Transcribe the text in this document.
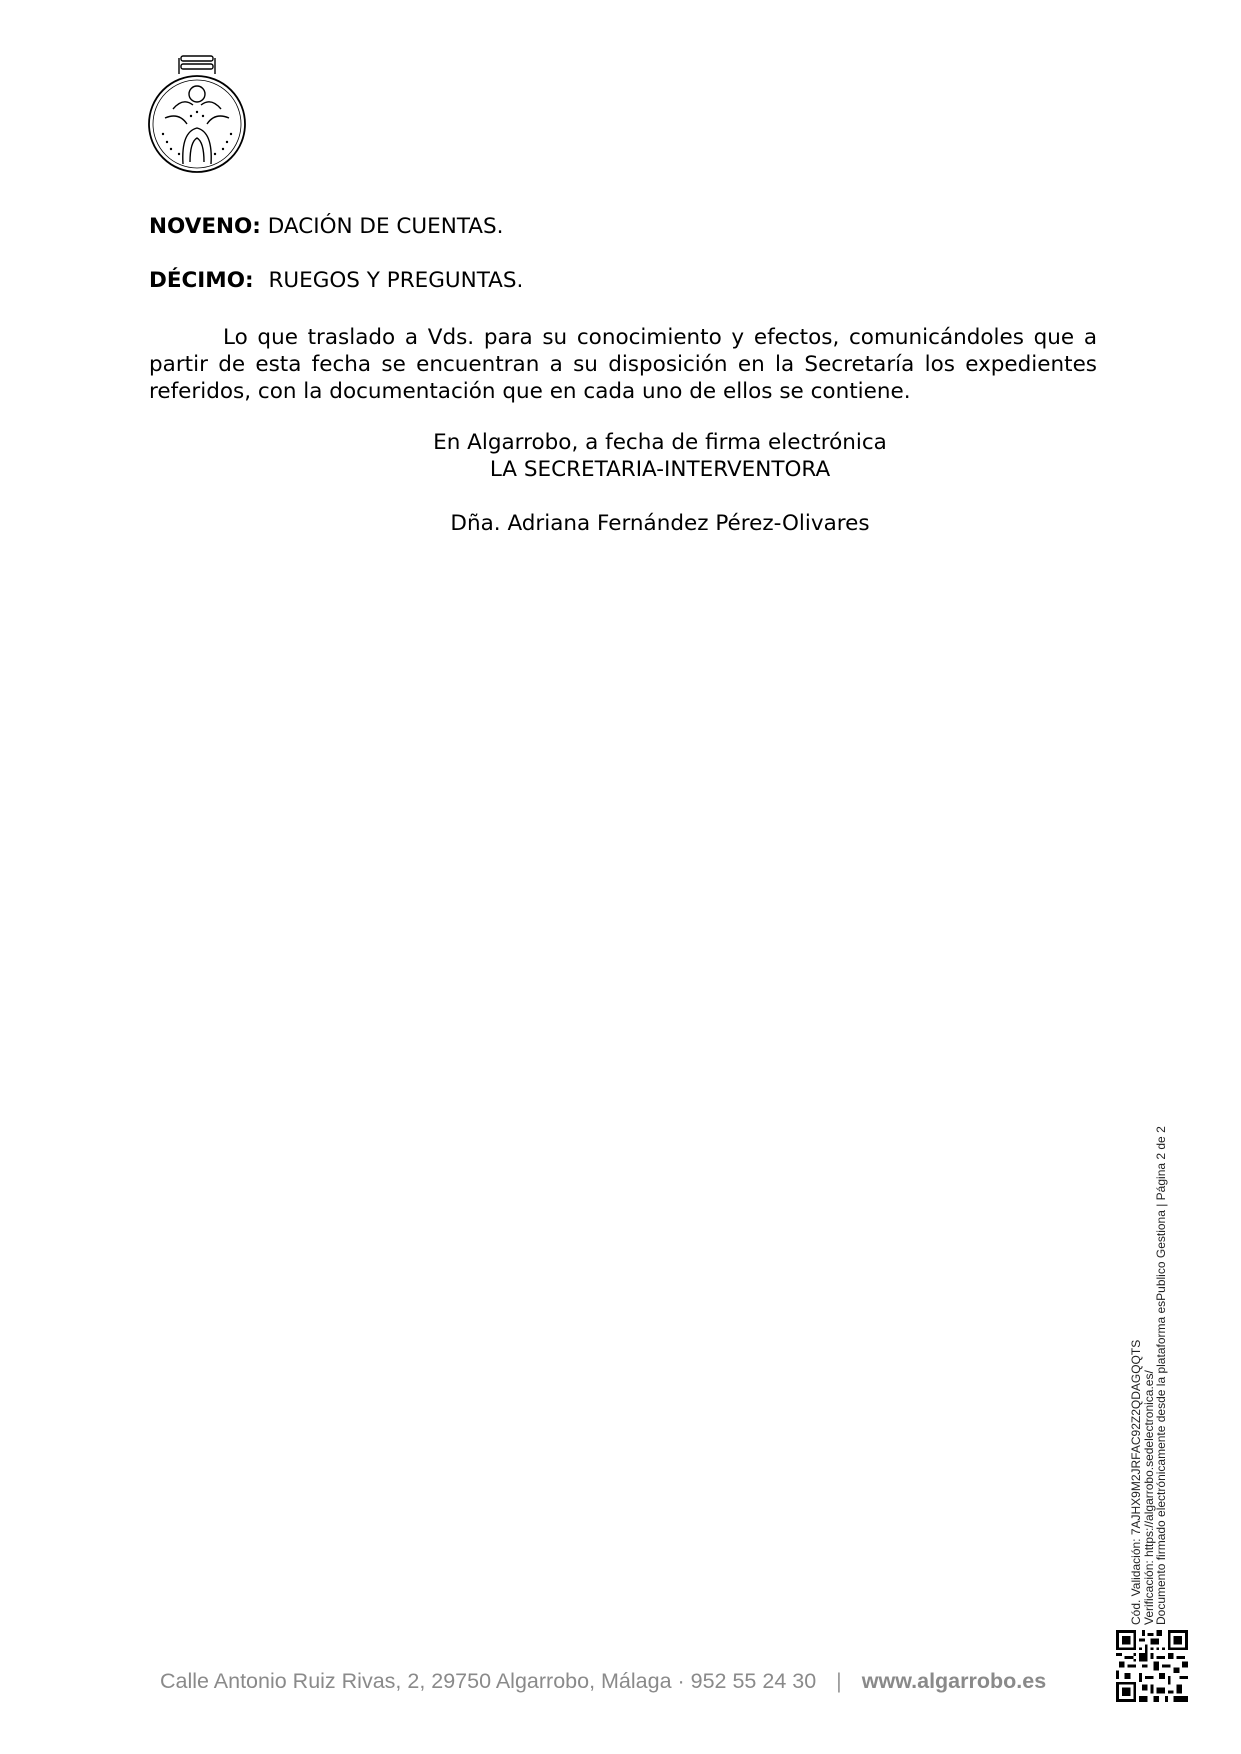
NOVENO: DACIÓN DE CUENTAS.
DÉCIMO: RUEGOS Y PREGUNTAS.
Lo que traslado a Vds. para su conocimiento y efectos, comunicándoles que a partir de esta fecha se encuentran a su disposición en la Secretaría los expedientes referidos, con la documentación que en cada uno de ellos se contiene.
En Algarrobo, a fecha de firma electrónica
LA SECRETARIA-INTERVENTORA
Dña. Adriana Fernández Pérez-Olivares
Cód. Validación: 7AJHX9M2JRFAC92Z2QDAGQQTS
Verificación: https://algarrobo.sedelectronica.es/
Documento firmado electrónicamente desde la plataforma esPublico Gestiona | Página 2 de 2
Calle Antonio Ruiz Rivas, 2, 29750 Algarrobo, Málaga · 952 55 24 30 | www.algarrobo.es
